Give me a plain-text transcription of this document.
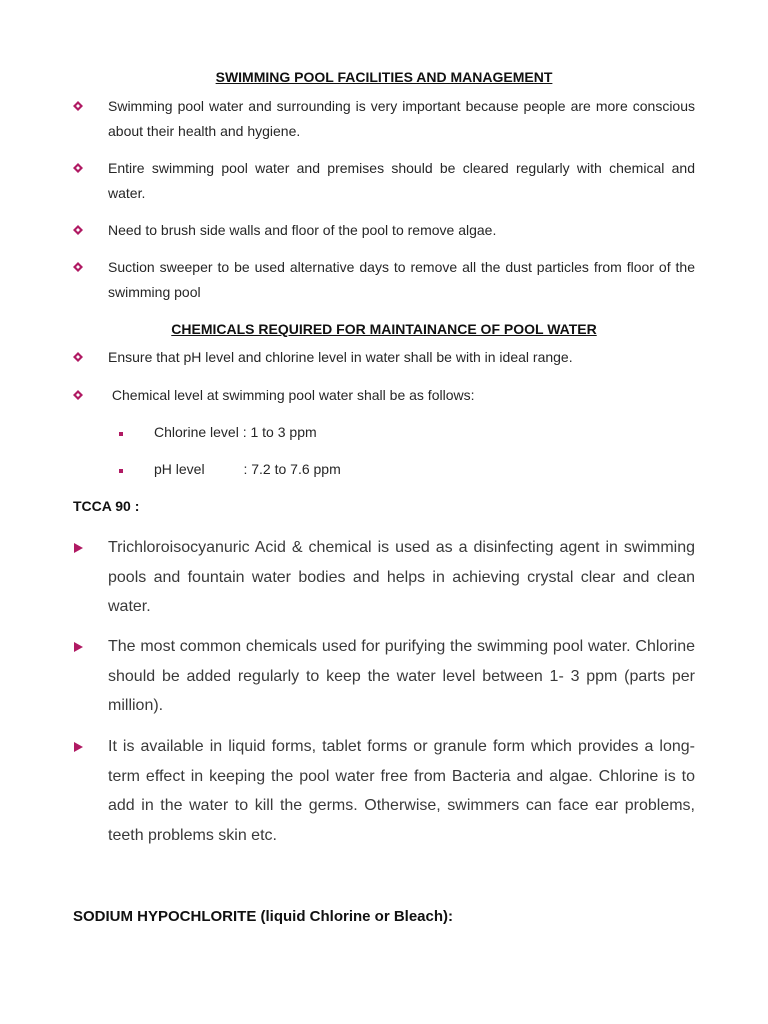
SWIMMING POOL FACILITIES AND MANAGEMENT
Swimming pool water and surrounding is very important because people are more conscious about their health and hygiene.
Entire swimming pool water and premises should be cleared regularly with chemical and water.
Need to brush side walls and floor of the pool to remove algae.
Suction sweeper to be used alternative days to remove all the dust particles from floor of the swimming pool
CHEMICALS REQUIRED FOR MAINTAINANCE OF POOL WATER
Ensure that pH level and chlorine level in water shall be with in ideal range.
Chemical level at swimming pool water shall be as follows:
Chlorine level : 1 to 3 ppm
pH level          : 7.2 to 7.6 ppm
TCCA 90 :
Trichloroisocyanuric Acid & chemical is used as a disinfecting agent in swimming pools and fountain water bodies and helps in achieving crystal clear and clean water.
The most common chemicals used for purifying the swimming pool water. Chlorine should be added regularly to keep the water level between 1- 3 ppm (parts per million).
It is available in liquid forms, tablet forms or granule form which provides a long-term effect in keeping the pool water free from Bacteria and algae. Chlorine is to add in the water to kill the germs. Otherwise, swimmers can face ear problems, teeth problems skin etc.
SODIUM HYPOCHLORITE (liquid Chlorine or Bleach):
